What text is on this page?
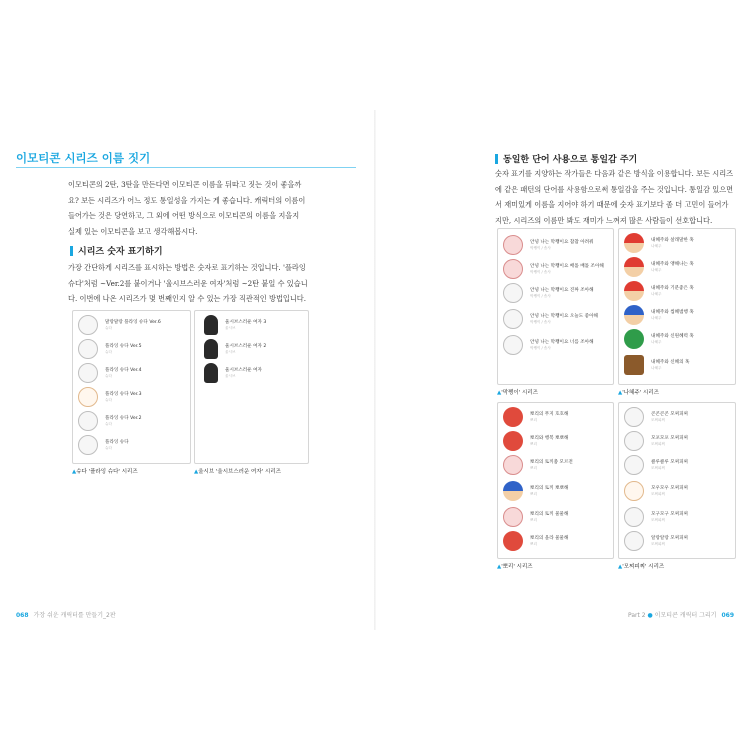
이모티콘 시리즈 이름 짓기

이모티콘의 2탄, 3탄을 만든다면 이모티콘 이름을 뒤따고 짓는 것이 좋을까
요? 보든 시리즈가 어느 정도 통일성을 가지는 게 좋습니다. 캐릭터의 이름이
들어가는 것은 당연하고, 그 외에 어떤 방식으로 이모티콘의 이름을 지을지
실제 있는 이모티콘을 보고 생각해봅시다.

시리즈 숫자 표기하기

가장 간단하게 시리즈를 표시하는 방법은 숫자로 표기하는 것입니다. '플라잉
슈다'처럼 ~Ver.2를 붙이거나 '울시브스러운 여자'처럼 ~2탄 붙일 수 있습니
다. 이번에 나온 시리즈가 몇 번째인지 알 수 있는 가장 직관적인 방법입니다.

말랑말랑 플라잉 슈다 Ver.6
슈다
플라잉 슈다 Ver.5
슈다
플라잉 슈다 Ver.4
슈다
플라잉 슈다 Ver.3
슈다
플라잉 슈다 Ver.2
슈다
플라잉 슈다
슈다
▲슈다 '플라잉 슈다' 시리즈
울시브스러운 여자 3
울시브
울시브스러운 여자 2
울시브
울시브스러운 여자
울시브
▲울시브 '울시브스러운 여자' 시리즈
068 가장 쉬운 캐릭터를 만들기_2판
동일한 단어 사용으로 통일감 주기

숫자 표기를 지양하는 작가들은 다음과 같은 방식을 이용합니다. 보든 시리즈
에 같은 패턴의 단어를 사용함으로써 통일감을 주는 것입니다. 통일감 있으면
서 재미있게 이름을 지어야 하기 때문에 숫자 표기보다 좀 더 고민이 들어가
지만, 시리즈의 이름만 봐도 재미가 느껴져 많은 사람들이 선호합니다.

안녕 나는 막쨍이요 찹찹 아려줘
막쨍이 / 솜사
안녕 나는 막쨍이요 배틀 배틀 조아해
막쨍이 / 솜사
안녕 나는 막쨍이요 진짜 조아해
막쨍이 / 솜사
안녕 나는 막쨍이요 오늘도 좋아해
막쨍이 / 솜사
안녕 나는 막쨍이요 너를 조아해
막쨍이 / 솜사
▲'막쨍이' 시리즈
내혜주와 살래말한 혹
나혜주
내혜주와 앵해나는 혹
나혜주
내혜주와 기분좋은 혹
나혜주
내혜주와 씸혜범행 혹
나혜주
내혜주와 신원혜력 혹
나혜주
내혜주와 신혜의 혹
나혜주
▲'나혜주' 시리즈
뽀리의 무지 호호해
뽀리
뽀리와 행복 뽀뽀해
뽀리
뽀리의 토끼춤 모르전
뽀리
뽀리의 토끼 뽀뽀해
뽀리
뽀리의 토끼 물물해
뽀리
뽀리의 올라 물물해
뽀리
▲'뽀리' 시리즈
콘콘콘콘 모찌피찌
모찌피찌
모포모포 모찌피찌
모찌피찌
클루클루 모찌피찌
모찌피찌
모우모우 모찌피찌
모찌피찌
모구모구 모찌피찌
모찌피찌
알랑알랑 모찌피찌
모찌피찌
▲'모찌피찌' 시리즈
Part 2 ● 이모티콘 캐릭터 그리기 069
